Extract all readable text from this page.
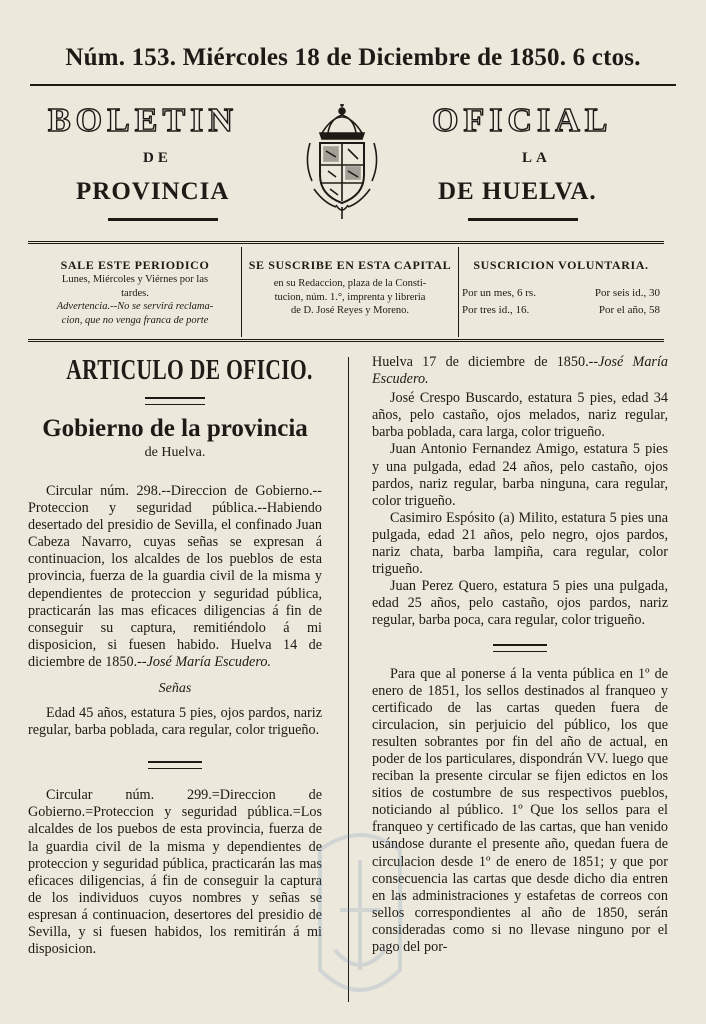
Núm. 153. Miércoles 18 de Diciembre de 1850. 6 ctos.
BOLETIN	OFICIAL
DE	LA
PROVINCIA	DE HUELVA.
SALE ESTE PERIODICO
Lunes, Miércoles y Viérnes por las
tardes.
Advertencia.--No se servirá reclama-
cion, que no venga franca de porte
SE SUSCRIBE EN ESTA CAPITAL
en su Redaccion, plaza de la Consti-
tucion, núm. 1.°, imprenta y libreria
de D. José Reyes y Moreno.
SUSCRICION VOLUNTARIA.
Por un mes, 6 rs.	Por seis id., 30
Por tres id., 16.	Por el año, 58
ARTICULO DE OFICIO.
Gobierno de la provincia
de Huelva.

Circular núm. 298.--Direccion de Gobierno.--Proteccion y seguridad pública.--Habiendo desertado del presidio de Sevilla, el confinado Juan Cabeza Navarro, cuyas señas se expresan á continuacion, los alcaldes de los pueblos de esta provincia, fuerza de la guardia civil de la misma y dependientes de proteccion y seguridad pública, practicarán las mas eficaces diligencias á fin de conseguir su captura, remitiéndolo á mi disposicion, si fuesen habido. Huelva 14 de diciembre de 1850.--José María Escudero.

Señas

Edad 45 años, estatura 5 pies, ojos pardos, nariz regular, barba poblada, cara regular, color trigueño.

Circular núm. 299.=Direccion de Gobierno.=Proteccion y seguridad pública.=Los alcaldes de los puebos de esta provincia, fuerza de la guardia civil de la misma y dependientes de proteccion y seguridad pública, practicarán las mas eficaces diligencias, á fin de conseguir la captura de los individuos cuyos nombres y señas se espresan á continuacion, desertores del presidio de Sevilla, y si fuesen habidos, los remitirán á mi disposicion.

Huelva 17 de diciembre de 1850.--José María Escudero.

José Crespo Buscardo, estatura 5 pies, edad 34 años, pelo castaño, ojos melados, nariz regular, barba poblada, cara larga, color trigueño.

Juan Antonio Fernandez Amigo, estatura 5 pies y una pulgada, edad 24 años, pelo castaño, ojos pardos, nariz regular, barba ninguna, cara regular, color trigueño.

Casimiro Espósito (a) Milito, estatura 5 pies una pulgada, edad 21 años, pelo negro, ojos pardos, nariz chata, barba lampiña, cara regular, color trigueño.

Juan Perez Quero, estatura 5 pies una pulgada, edad 25 años, pelo castaño, ojos pardos, nariz regular, barba poca, cara regular, color trigueño.

Para que al ponerse á la venta pública en 1º de enero de 1851, los sellos destinados al franqueo y certificado de las cartas queden fuera de circulacion, sin perjuicio del público, los que resulten sobrantes por fin del año de actual, en poder de los particulares, dispondrán VV. luego que reciban la presente circular se fijen edictos en los sitios de costumbre de sus respectivos pueblos, noticiando al público. 1º Que los sellos para el franqueo y certificado de las cartas, que han venido usándose durante el presente año, quedan fuera de circulacion desde 1º de enero de 1851; y que por consecuencia las cartas que desde dicho dia entren en las administraciones y estafetas de correos con sellos correspondientes al año de 1850, serán consideradas como si no llevase ninguno por el pago del por-
